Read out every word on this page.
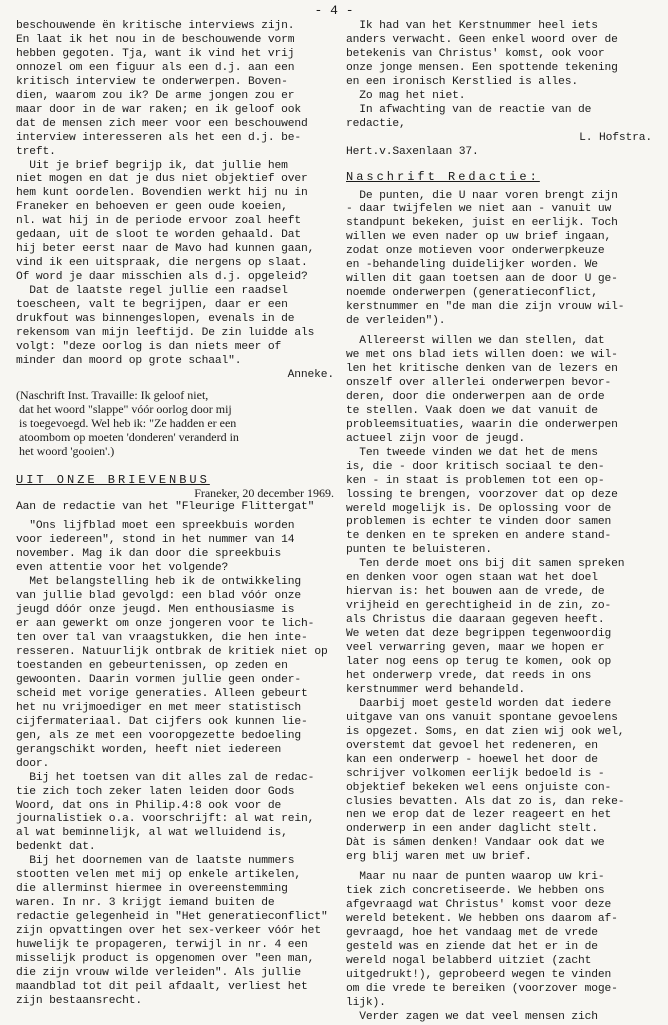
- 4 -

beschouwende ën kritische interviews zijn.
En laat ik het nou in de beschouwende vorm
hebben gegoten. Tja, want ik vind het vrij
onnozel om een figuur als een d.j. aan een
kritisch interview te onderwerpen. Boven-
dien, waarom zou ik? De arme jongen zou er
maar door in de war raken; en ik geloof ook
dat de mensen zich meer voor een beschouwend
interview interesseren als het een d.j. be-
treft.

Uit je brief begrijp ik, dat jullie hem
niet mogen en dat je dus niet objektief over
hem kunt oordelen. Bovendien werkt hij nu in
Franeker en behoeven er geen oude koeien,
nl. wat hij in de periode ervoor zoal heeft
gedaan, uit de sloot te worden gehaald. Dat
hij beter eerst naar de Mavo had kunnen gaan,
vind ik een uitspraak, die nergens op slaat.
Of word je daar misschien als d.j. opgeleid?

Dat de laatste regel jullie een raadsel
toescheen, valt te begrijpen, daar er een
drukfout was binnengeslopen, evenals in de
rekensom van mijn leeftijd. De zin luidde als
volgt: "deze oorlog is dan niets meer of
minder dan moord op grote schaal".

Anneke.

(Naschrift Inst. Travaille: Ik geloof niet,
dat het woord "slappe" vóór oorlog door mij
is toegevoegd. Wel heb ik: "Ze hadden er een
atoombom op moeten 'donderen' veranderd in
het woord 'gooien'.)

UIT ONZE BRIEVENBUS

Franeker, 20 december 1969.

Aan de redactie van het "Fleurige Flittergat"

"Ons lijfblad moet een spreekbuis worden
voor iedereen", stond in het nummer van 14
november. Mag ik dan door die spreekbuis
even attentie voor het volgende?

Met belangstelling heb ik de ontwikkeling
van jullie blad gevolgd: een blad vóór onze
jeugd dóór onze jeugd. Men enthousiasme is
er aan gewerkt om onze jongeren voor te lich-
ten over tal van vraagstukken, die hen inte-
resseren. Natuurlijk ontbrak de kritiek niet op
toestanden en gebeurtenissen, op zeden en
gewoonten. Daarin vormen jullie geen onder-
scheid met vorige generaties. Alleen gebeurt
het nu vrijmoediger en met meer statistisch
cijfermateriaal. Dat cijfers ook kunnen lie-
gen, als ze met een vooropgezette bedoeling
gerangschikt worden, heeft niet iedereen
door.

Bij het toetsen van dit alles zal de redac-
tie zich toch zeker laten leiden door Gods
Woord, dat ons in Philip.4:8 ook voor de
journalistiek o.a. voorschrijft: al wat rein,
al wat beminnelijk, al wat welluidend is,
bedenkt dat.

Bij het doornemen van de laatste nummers
stootten velen met mij op enkele artikelen,
die allerminst hiermee in overeenstemming
waren. In nr. 3 krijgt iemand buiten de
redactie gelegenheid in "Het generatieconflict"
zijn opvattingen over het sex-verkeer vóór het
huwelijk te propageren, terwijl in nr. 4 een
misselijk product is opgenomen over "een man,
die zijn vrouw wilde verleiden". Als jullie
maandblad tot dit peil afdaalt, verliest het
zijn bestaansrecht.

Ik had van het Kerstnummer heel iets
anders verwacht. Geen enkel woord over de
betekenis van Christus' komst, ook voor
onze jonge mensen. Een spottende tekening
en een ironisch Kerstlied is alles.

Zo mag het niet.

In afwachting van de reactie van de
redactie,

L. Hofstra.

Hert.v.Saxenlaan 37.

Naschrift Redactie:

De punten, die U naar voren brengt zijn
- daar twijfelen we niet aan - vanuit uw
standpunt bekeken, juist en eerlijk. Toch
willen we even nader op uw brief ingaan,
zodat onze motieven voor onderwerpkeuze
en -behandeling duidelijker worden. We
willen dit gaan toetsen aan de door U ge-
noemde onderwerpen (generatieconflict,
kerstnummer en "de man die zijn vrouw wil-
de verleiden").

Allereerst willen we dan stellen, dat
we met ons blad iets willen doen: we wil-
len het kritische denken van de lezers en
onszelf over allerlei onderwerpen bevor-
deren, door die onderwerpen aan de orde
te stellen. Vaak doen we dat vanuit de
probleemsituaties, waarin die onderwerpen
actueel zijn voor de jeugd.

Ten tweede vinden we dat het de mens
is, die - door kritisch sociaal te den-
ken - in staat is problemen tot een op-
lossing te brengen, voorzover dat op deze
wereld mogelijk is. De oplossing voor de
problemen is echter te vinden door samen
te denken en te spreken en andere stand-
punten te beluisteren.

Ten derde moet ons bij dit samen spreken
en denken voor ogen staan wat het doel
hiervan is: het bouwen aan de vrede, de
vrijheid en gerechtigheid in de zin, zo-
als Christus die daaraan gegeven heeft.
We weten dat deze begrippen tegenwoordig
veel verwarring geven, maar we hopen er
later nog eens op terug te komen, ook op
het onderwerp vrede, dat reeds in ons
kerstnummer werd behandeld.

Daarbij moet gesteld worden dat iedere
uitgave van ons vanuit spontane gevoelens
is opgezet. Soms, en dat zien wij ook wel,
overstemt dat gevoel het redeneren, en
kan een onderwerp - hoewel het door de
schrijver volkomen eerlijk bedoeld is -
objektief bekeken wel eens onjuiste con-
clusies bevatten. Als dat zo is, dan reke-
nen we erop dat de lezer reageert en het
onderwerp in een ander daglicht stelt.
Dàt is sámen denken! Vandaar ook dat we
erg blij waren met uw brief.

Maar nu naar de punten waarop uw kri-
tiek zich concretiseerde. We hebben ons
afgevraagd wat Christus' komst voor deze
wereld betekent. We hebben ons daarom af-
gevraagd, hoe het vandaag met de vrede
gesteld was en ziende dat het er in de
wereld nogal belabberd uitziet (zacht
uitgedrukt!), geprobeerd wegen te vinden
om die vrede te bereiken (voorzover moge-
lijk).

Verder zagen we dat veel mensen zich
